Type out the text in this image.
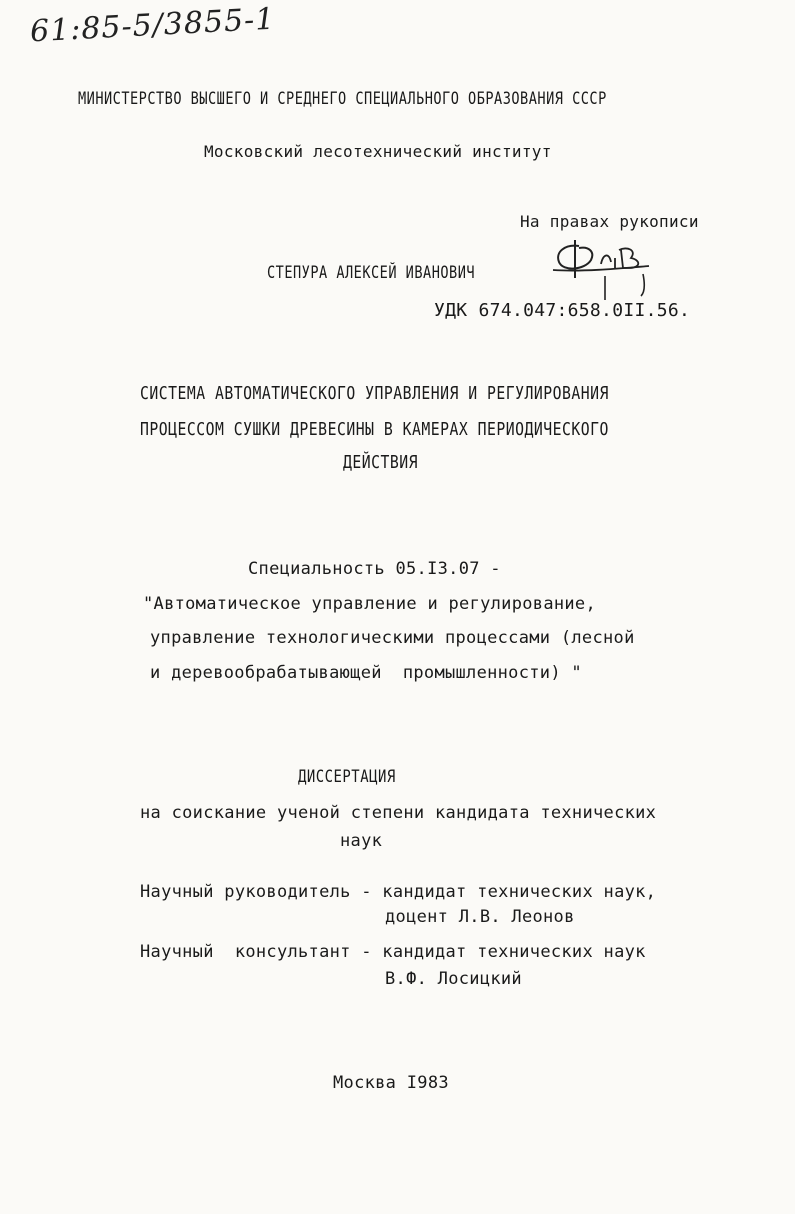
61:85-5/3855-1
МИНИСТЕРСТВО ВЫСШЕГО И СРЕДНЕГО СПЕЦИАЛЬНОГО ОБРАЗОВАНИЯ СССР
Московский лесотехнический институт
На правах рукописи
СТЕПУРА АЛЕКСЕЙ ИВАНОВИЧ
УДК 674.047:658.0II.56.
СИСТЕМА АВТОМАТИЧЕСКОГО УПРАВЛЕНИЯ И РЕГУЛИРОВАНИЯ
ПРОЦЕССОМ СУШКИ ДРЕВЕСИНЫ В КАМЕРАХ ПЕРИОДИЧЕСКОГО
ДЕЙСТВИЯ
Специальность 05.I3.07 -
"Автоматическое управление и регулирование,
управление технологическими процессами (лесной
и деревообрабатывающей  промышленности) "
ДИССЕРТАЦИЯ
на соискание ученой степени кандидата технических
наук
Научный руководитель - кандидат технических наук,
доцент Л.В. Леонов
Научный  консультант - кандидат технических наук
В.Ф. Лосицкий
Москва I983
